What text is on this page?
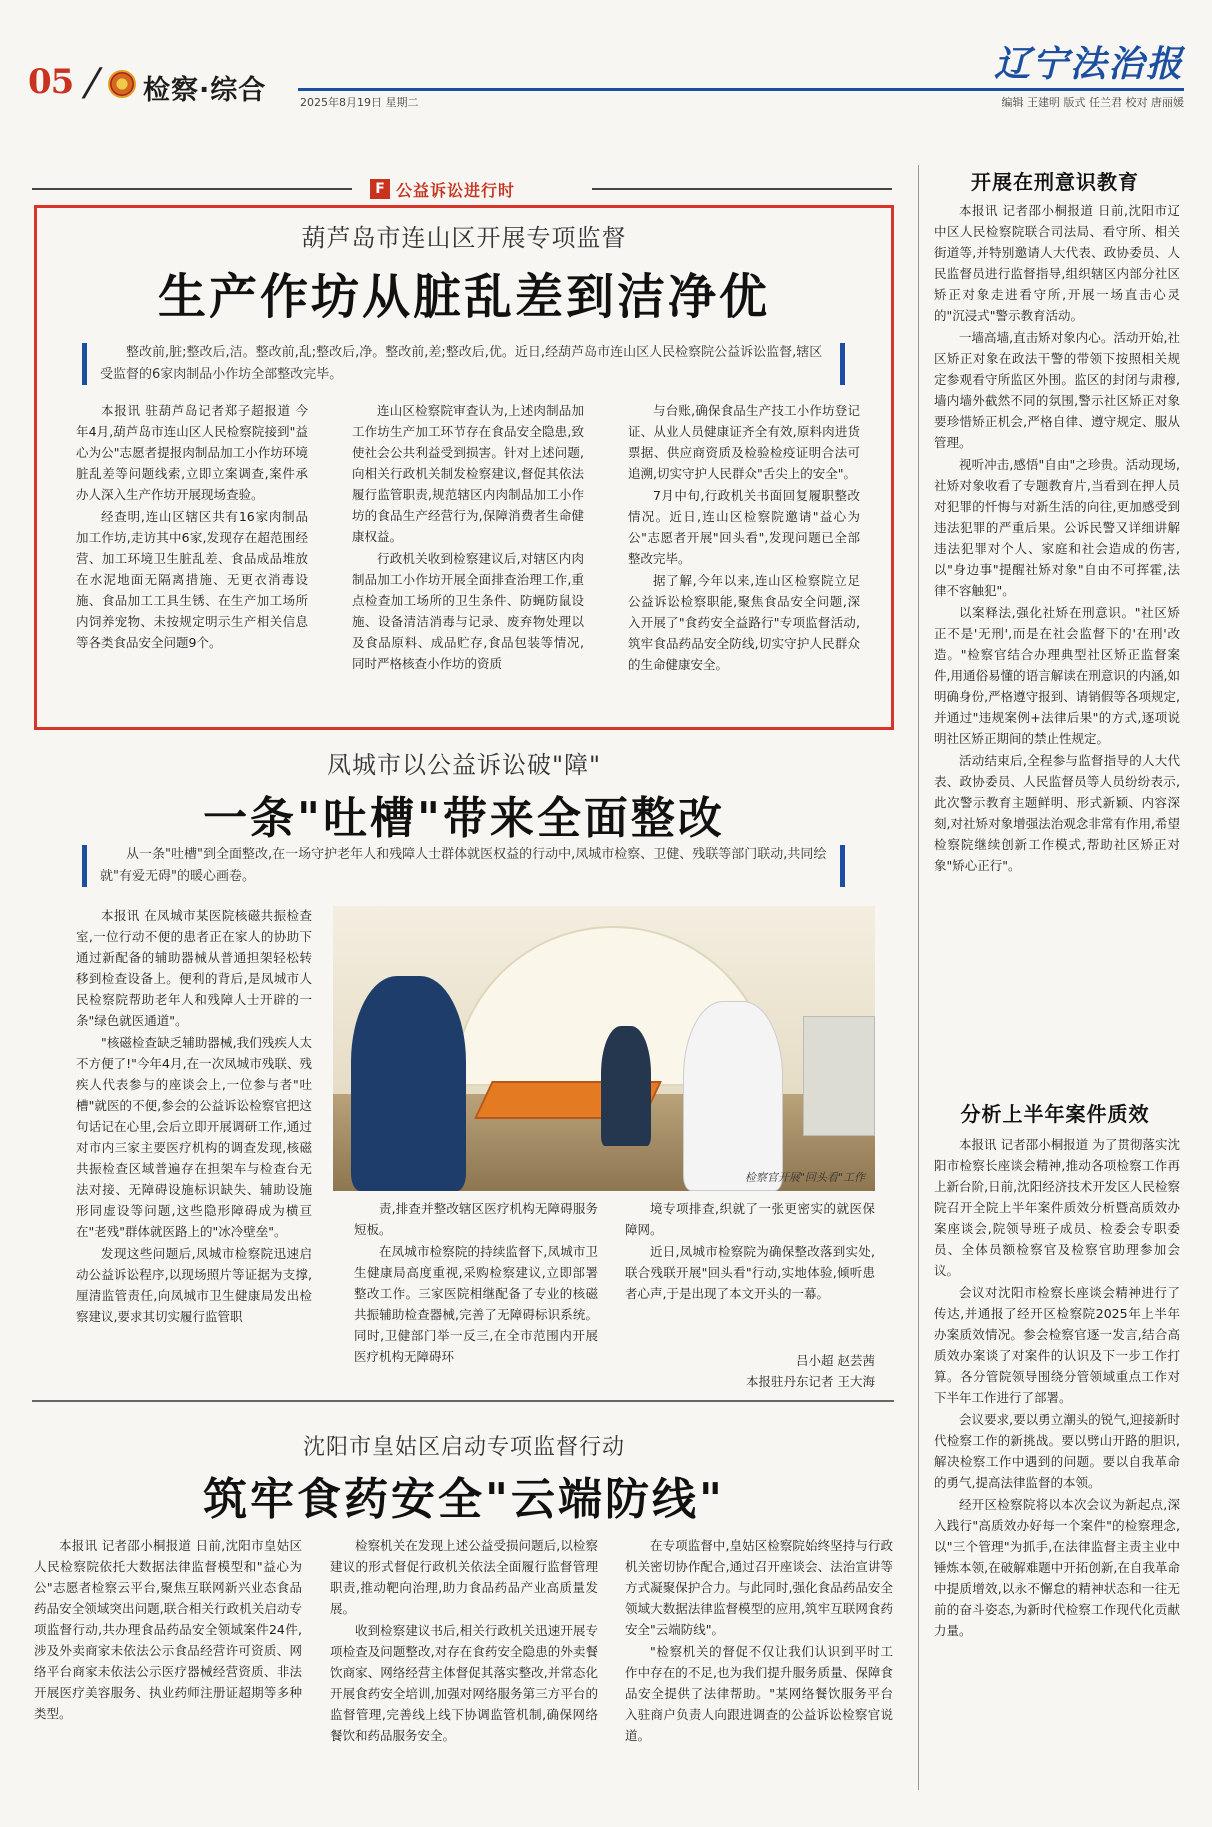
05 / 检察·综合	2025年8月19日 星期二	编辑 王建明 版式 任兰君 校对 唐丽媛
辽宁法治报
F 公益诉讼进行时
葫芦岛市连山区开展专项监督
生产作坊从脏乱差到洁净优
整改前,脏;整改后,洁。整改前,乱;整改后,净。整改前,差;整改后,优。近日,经葫芦岛市连山区人民检察院公益诉讼监督,辖区受监督的6家肉制品小作坊全部整改完毕。

本报讯 驻葫芦岛记者郑子超报道 今年4月,葫芦岛市连山区人民检察院接到"益心为公"志愿者提报肉制品加工小作坊环境脏乱差等问题线索,立即立案调查,案件承办人深入生产作坊开展现场查验。

经查明,连山区辖区共有16家肉制品加工作坊,走访其中6家,发现存在超范围经营、加工环境卫生脏乱差、食品成品堆放在水泥地面无隔离措施、无更衣消毒设施、食品加工工具生锈、在生产加工场所内饲养宠物、未按规定明示生产相关信息等各类食品安全问题9个。

连山区检察院审查认为,上述肉制品加工作坊生产加工环节存在食品安全隐患,致使社会公共利益受到损害。针对上述问题,向相关行政机关制发检察建议,督促其依法履行监管职责,规范辖区内肉制品加工小作坊的食品生产经营行为,保障消费者生命健康权益。

行政机关收到检察建议后,对辖区内肉制品加工小作坊开展全面排查治理工作,重点检查加工场所的卫生条件、防蝇防鼠设施、设备清洁消毒与记录、废弃物处理以及食品原料、成品贮存,食品包装等情况,同时严格核查小作坊的资质

与台账,确保食品生产技工小作坊登记证、从业人员健康证齐全有效,原料肉进货票据、供应商资质及检验检疫证明合法可追溯,切实守护人民群众"舌尖上的安全"。

7月中旬,行政机关书面回复履职整改情况。近日,连山区检察院邀请"益心为公"志愿者开展"回头看",发现问题已全部整改完毕。

据了解,今年以来,连山区检察院立足公益诉讼检察职能,聚焦食品安全问题,深入开展了"食药安全益路行"专项监督活动,筑牢食品药品安全防线,切实守护人民群众的生命健康安全。

凤城市以公益诉讼破"障"
一条"吐槽"带来全面整改
从一条"吐槽"到全面整改,在一场守护老年人和残障人士群体就医权益的行动中,凤城市检察、卫健、残联等部门联动,共同绘就"有爱无碍"的暖心画卷。

本报讯 在凤城市某医院核磁共振检查室,一位行动不便的患者正在家人的协助下通过新配备的辅助器械从普通担架轻松转移到检查设备上。便利的背后,是凤城市人民检察院帮助老年人和残障人士开辟的一条"绿色就医通道"。

"核磁检查缺乏辅助器械,我们残疾人太不方便了!"今年4月,在一次凤城市残联、残疾人代表参与的座谈会上,一位参与者"吐槽"就医的不便,参会的公益诉讼检察官把这句话记在心里,会后立即开展调研工作,通过对市内三家主要医疗机构的调查发现,核磁共振检查区域普遍存在担架车与检查台无法对接、无障碍设施标识缺失、辅助设施形同虚设等问题,这些隐形障碍成为横亘在"老残"群体就医路上的"冰冷壁垒"。

发现这些问题后,凤城市检察院迅速启动公益诉讼程序,以现场照片等证据为支撑,厘清监管责任,向凤城市卫生健康局发出检察建议,要求其切实履行监管职

检察官开展"回头看"工作

责,排查并整改辖区医疗机构无障碍服务短板。

在凤城市检察院的持续监督下,凤城市卫生健康局高度重视,采购检察建议,立即部署整改工作。三家医院相继配备了专业的核磁共振辅助检查器械,完善了无障碍标识系统。同时,卫健部门举一反三,在全市范围内开展医疗机构无障碍环

境专项排查,织就了一张更密实的就医保障网。

近日,凤城市检察院为确保整改落到实处,联合残联开展"回头看"行动,实地体验,倾听患者心声,于是出现了本文开头的一幕。

吕小超 赵芸茜
本报驻丹东记者 王大海
沈阳市皇姑区启动专项监督行动
筑牢食药安全"云端防线"

本报讯 记者邵小桐报道 日前,沈阳市皇姑区人民检察院依托大数据法律监督模型和"益心为公"志愿者检察云平台,聚焦互联网新兴业态食品药品安全领域突出问题,联合相关行政机关启动专项监督行动,共办理食品药品安全领域案件24件,涉及外卖商家未依法公示食品经营许可资质、网络平台商家未依法公示医疗器械经营资质、非法开展医疗美容服务、执业药师注册证超期等多种类型。

检察机关在发现上述公益受损问题后,以检察建议的形式督促行政机关依法全面履行监督管理职责,推动靶向治理,助力食品药品产业高质量发展。

收到检察建议书后,相关行政机关迅速开展专项检查及问题整改,对存在食药安全隐患的外卖餐饮商家、网络经营主体督促其落实整改,并常态化开展食药安全培训,加强对网络服务第三方平台的监督管理,完善线上线下协调监管机制,确保网络餐饮和药品服务安全。

在专项监督中,皇姑区检察院始终坚持与行政机关密切协作配合,通过召开座谈会、法治宣讲等方式凝聚保护合力。与此同时,强化食品药品安全领域大数据法律监督模型的应用,筑牢互联网食药安全"云端防线"。

"检察机关的督促不仅让我们认识到平时工作中存在的不足,也为我们提升服务质量、保障食品安全提供了法律帮助。"某网络餐饮服务平台入驻商户负责人向跟进调查的公益诉讼检察官说道。

开展在刑意识教育

本报讯 记者邵小桐报道 日前,沈阳市辽中区人民检察院联合司法局、看守所、相关街道等,并特别邀请人大代表、政协委员、人民监督员进行监督指导,组织辖区内部分社区矫正对象走进看守所,开展一场直击心灵的"沉浸式"警示教育活动。

一墙高墙,直击矫对象内心。活动开始,社区矫正对象在政法干警的带领下按照相关规定参观看守所监区外围。监区的封闭与肃穆,墙内墙外截然不同的氛围,警示社区矫正对象要珍惜矫正机会,严格自律、遵守规定、服从管理。

视听冲击,感悟"自由"之珍贵。活动现场,社矫对象收看了专题教育片,当看到在押人员对犯罪的忏悔与对新生活的向往,更加感受到违法犯罪的严重后果。公诉民警又详细讲解违法犯罪对个人、家庭和社会造成的伤害,以"身边事"提醒社矫对象"自由不可挥霍,法律不容触犯"。

以案释法,强化社矫在刑意识。"社区矫正不是'无刑',而是在社会监督下的'在刑'改造。"检察官结合办理典型社区矫正监督案件,用通俗易懂的语言解读在刑意识的内涵,如明确身份,严格遵守报到、请销假等各项规定,并通过"违规案例+法律后果"的方式,逐项说明社区矫正期间的禁止性规定。

活动结束后,全程参与监督指导的人大代表、政协委员、人民监督员等人员纷纷表示,此次警示教育主题鲜明、形式新颖、内容深刻,对社矫对象增强法治观念非常有作用,希望检察院继续创新工作模式,帮助社区矫正对象"矫心正行"。

分析上半年案件质效

本报讯 记者邵小桐报道 为了贯彻落实沈阳市检察长座谈会精神,推动各项检察工作再上新台阶,日前,沈阳经济技术开发区人民检察院召开全院上半年案件质效分析暨高质效办案座谈会,院领导班子成员、检委会专职委员、全体员额检察官及检察官助理参加会议。

会议对沈阳市检察长座谈会精神进行了传达,并通报了经开区检察院2025年上半年办案质效情况。参会检察官逐一发言,结合高质效办案谈了对案件的认识及下一步工作打算。各分管院领导围绕分管领域重点工作对下半年工作进行了部署。

会议要求,要以勇立潮头的锐气,迎接新时代检察工作的新挑战。要以劈山开路的胆识,解决检察工作中遇到的问题。要以自我革命的勇气,提高法律监督的本领。

经开区检察院将以本次会议为新起点,深入践行"高质效办好每一个案件"的检察理念,以"三个管理"为抓手,在法律监督主责主业中锤炼本领,在破解难题中开拓创新,在自我革命中提质增效,以永不懈怠的精神状态和一往无前的奋斗姿态,为新时代检察工作现代化贡献力量。
